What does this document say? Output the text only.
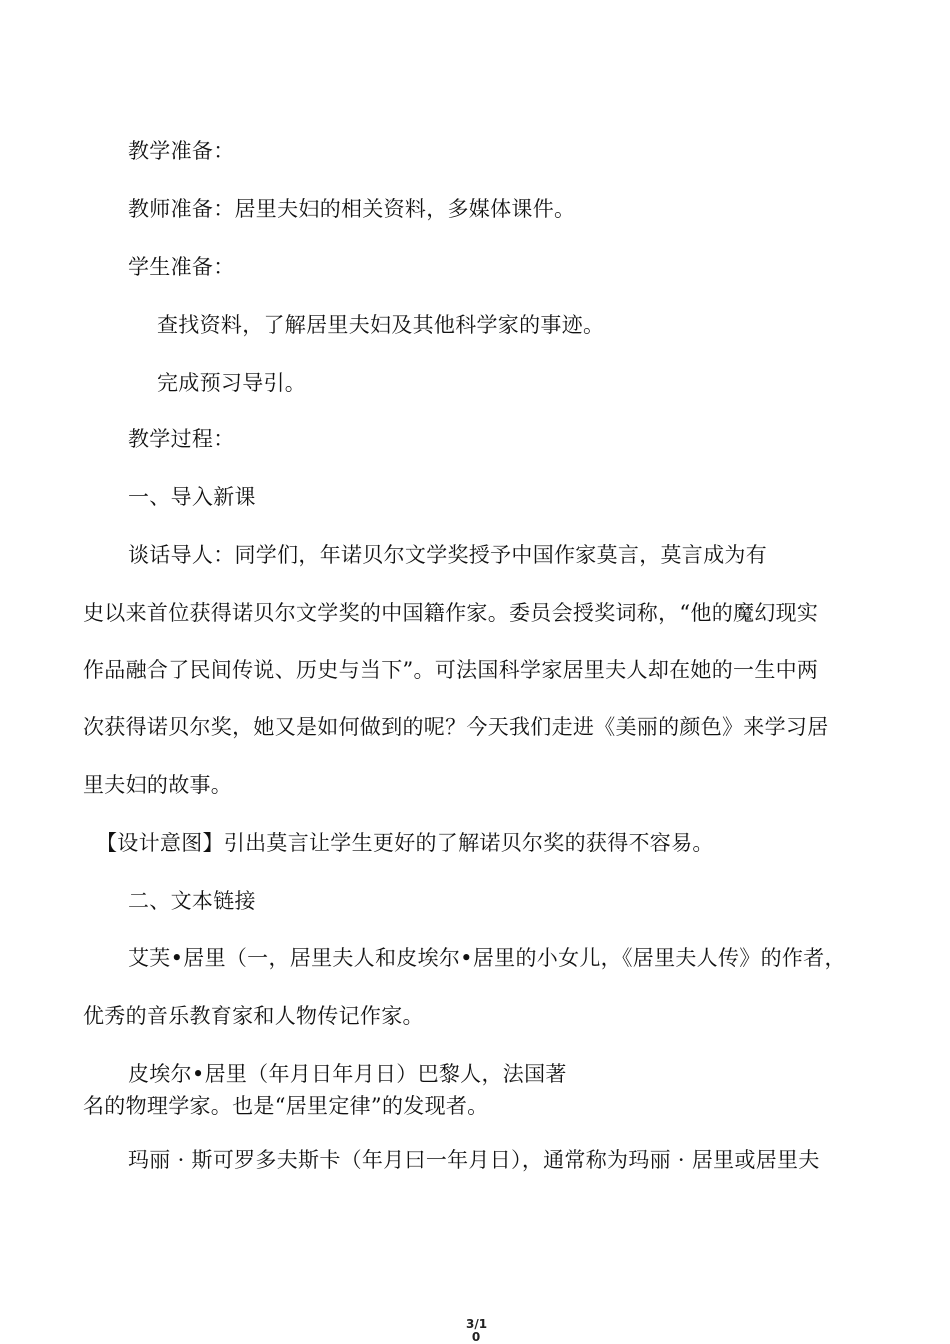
教学准备：
教师准备：居里夫妇的相关资料，多媒体课件。
学生准备：
查找资料，了解居里夫妇及其他科学家的事迹。
完成预习导引。
教学过程：
一、导入新课
谈话导人：同学们，年诺贝尔文学奖授予中国作家莫言，莫言成为有
史以来首位获得诺贝尔文学奖的中国籍作家。委员会授奖词称，“他的魔幻现实
作品融合了民间传说、历史与当下”。可法国科学家居里夫人却在她的一生中两
次获得诺贝尔奖，她又是如何做到的呢？今天我们走进《美丽的颜色》来学习居
里夫妇的故事。
【设计意图】引出莫言让学生更好的了解诺贝尔奖的获得不容易。
二、文本链接
艾芙•居里（一，居里夫人和皮埃尔•居里的小女儿，《居里夫人传》的作者，
优秀的音乐教育家和人物传记作家。
皮埃尔•居里（年月日年月日）巴黎人，法国著
名的物理学家。也是“居里定律”的发现者。
玛丽 · 斯可罗多夫斯卡（年月曰一年月日），通常称为玛丽 · 居里或居里夫
3/1
0
